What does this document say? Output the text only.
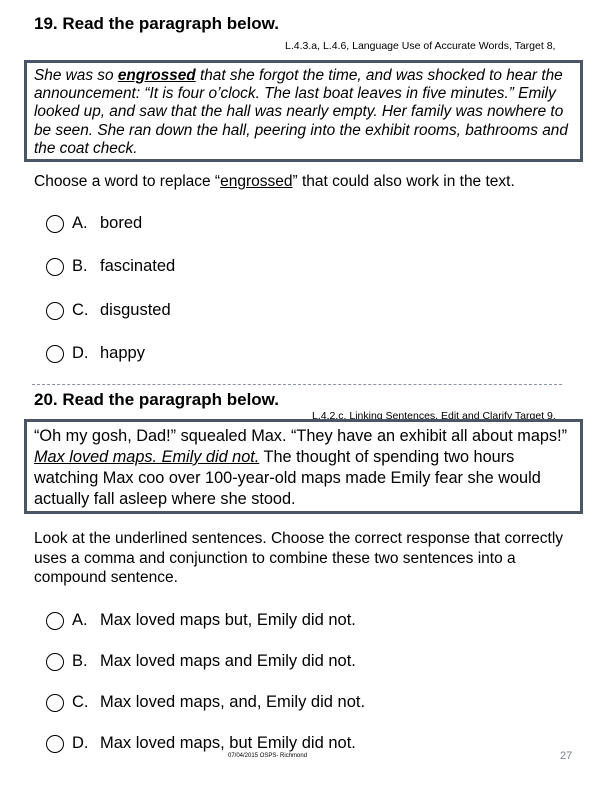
19. Read the paragraph below.
L.4.3.a, L.4.6, Language Use of Accurate Words, Target 8,
She was so engrossed that she forgot the time, and was shocked to hear the announcement: “It is four o’clock. The last boat leaves in five minutes.” Emily looked up, and saw that the hall was nearly empty. Her family was nowhere to be seen. She ran down the hall, peering into the exhibit rooms, bathrooms and the coat check.
Choose a word to replace “engrossed” that could also work in the text.
A. bored
B. fascinated
C. disgusted
D. happy
20. Read the paragraph below.
L.4.2.c, Linking Sentences, Edit and Clarify Target 9,
“Oh my gosh, Dad!” squealed Max. “They have an exhibit all about maps!” Max loved maps. Emily did not. The thought of spending two hours watching Max coo over 100-year-old maps made Emily fear she would actually fall asleep where she stood.
Look at the underlined sentences. Choose the correct response that correctly uses a comma and conjunction to combine these two sentences into a compound sentence.
A. Max loved maps but, Emily did not.
B. Max loved maps and Emily did not.
C. Max loved maps, and, Emily did not.
D. Max loved maps, but Emily did not.
07/04/2015 OSPS- Richmond	27
